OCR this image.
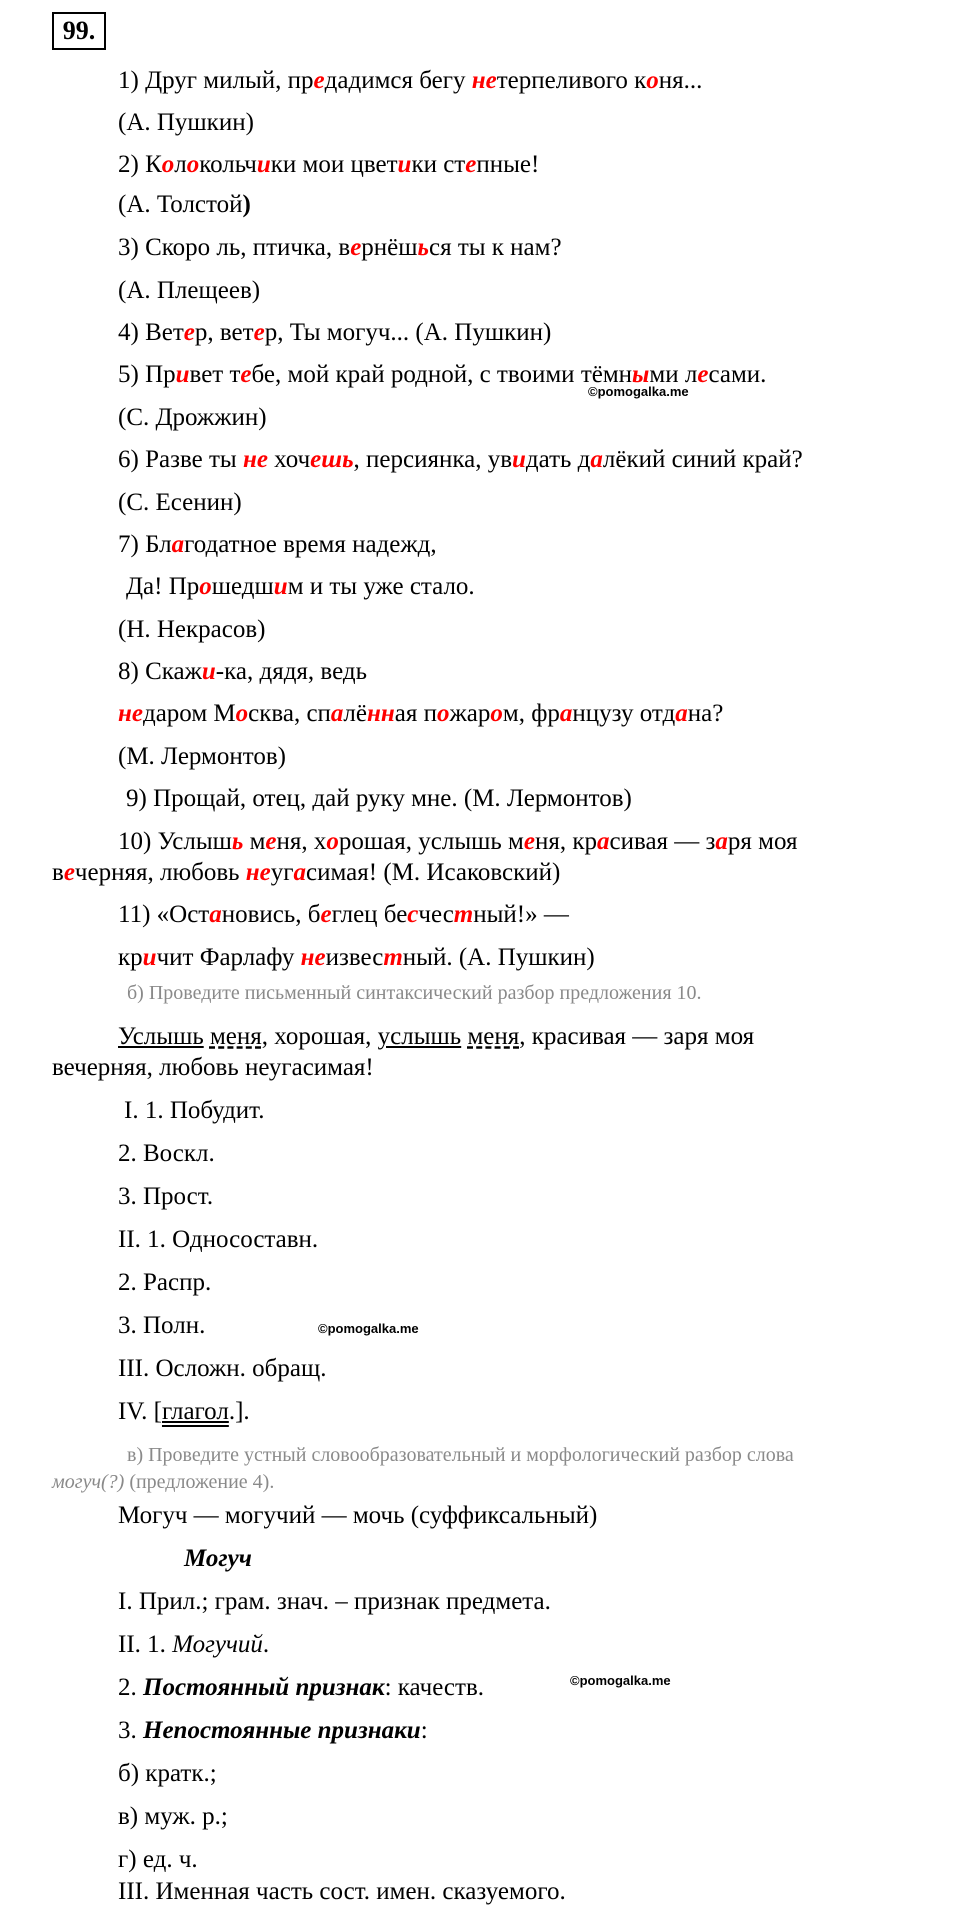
99.
1) Друг милый, предадимся бегу нетерпеливого коня...
(А. Пушкин)
2) Колокольчики мои цветики степные!
(А. Толстой)
3) Скоро ль, птичка, вернёшься ты к нам?
(А. Плещеев)
4) Ветер, ветер, Ты могуч... (А. Пушкин)
5) Привет тебе, мой край родной, с твоими тёмными лесами.
(С. Дрожжин)
6) Разве ты не хочешь, персиянка, увидать далёкий синий край?
(С. Есенин)
7) Благодатное время надежд,
Да! Прошедшим и ты уже стало.
(Н. Некрасов)
8) Скажи-ка, дядя, ведь
недаром Москва, спалённая пожаром, французу отдана?
(М. Лермонтов)
9) Прощай, отец, дай руку мне. (М. Лермонтов)
10) Услышь меня, хорошая, услышь меня, красивая — заря моя
вечерняя, любовь неугасимая! (М. Исаковский)
11) «Остановись, беглец бесчестный!» —
кричит Фарлафу неизвестный. (А. Пушкин)
©pomogalka.me
б) Проведите письменный синтаксический разбор предложения 10.
Услышь меня, хорошая, услышь меня, красивая — заря моя
вечерняя, любовь неугасимая!
I. 1. Побудит.
2. Воскл.
3. Прост.
II. 1. Односоставн.
2. Распр.
3. Полн.	©pomogalka.me
III. Осложн. обращ.
IV. [глагол.].
в) Проведите устный словообразовательный и морфологический разбор слова
могуч(?) (предложение 4).
Могуч — могучий — мочь (суффиксальный)
Могуч
I. Прил.; грам. знач. – признак предмета.
II. 1. Могучий.
2. Постоянный признак: качеств.	©pomogalka.me
3. Непостоянные признаки:
б) кратк.;
в) муж. р.;
г) ед. ч.
III. Именная часть сост. имен. сказуемого.
